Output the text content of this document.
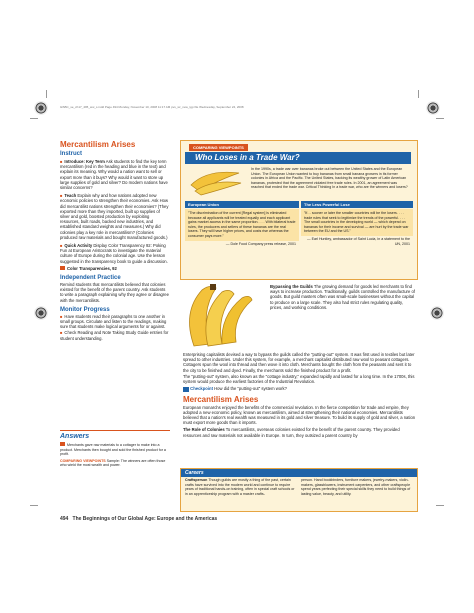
0/ABC_se_ch17_495_ww_s.indd Page 494 Monday, November 10, 2008 11:17 AM pvs_wr_new_tgp file Wednesday, September 24, 2008
Mercantilism Arises
Instruct
■ Introduce: Key Term Ask students to find the key term mercantilism (red in the heading and blue in the text) and explain its meaning. Why would a nation want to sell or export more than it buys? Why would it want to store up large supplies of gold and silver? Do modern nations have similar concerns?
■ Teach Explain why and how nations adopted new economic policies to strengthen their economies. Ask How did mercantilist nations strengthen their economies? (They exported more than they imported, built up supplies of silver and gold, boosted production by exploiting resources, built roads, backed new industries, and established standard weights and measures.) Why did colonies play a key role in mercantilism? (Colonies produced raw materials and bought manufactured goods.)
■ Quick Activity Display Color Transparency 92: Poking Fun at European Aristocrats to investigate the material culture of Europe during the colonial age. Use the lesson suggested in the transparency book to guide a discussion.
Color Transparencies, 92
Independent Practice
Remind students that mercantilists believed that colonies existed for the benefit of the parent country. Ask students to write a paragraph explaining why they agree or disagree with the mercantilists.
Monitor Progress
■ Have students read their paragraphs to one another in small groups. Circulate and listen to the readings, making sure that students make logical arguments for or against.
■ Check Reading and Note Taking Study Guide entries for student understanding.
Answers
Merchants gave raw materials to a cottager to make into a product. Merchants then bought and sold the finished product for a profit.
COMPARING VIEWPOINTS Sample: The winners are often those who wield the most wealth and power.
COMPARING VIEWPOINTS
Who Loses in a Trade War?
In the 1990s, a trade war over bananas broke out between the United States and the European Union. The European Union wanted to buy bananas from small banana growers in its former colonies in Africa and the Pacific. The United States, backing its wealthy grower of Latin American bananas, protested that the agreement violated free trade rules. In 2001, an agreement was reached that ended the trade war. Critical Thinking In a trade war, who are the winners and losers?
European Union
"The discrimination of the current [Regal system] is eliminated because all applicants will be treated equally and each applicant gains market access in the same proportion. . . . With bilateral trade rules, the producers and sellers of these bananas are the real losers. They will have higher prices, and costs rise whereas the consumer pays more."
— Dole Food Company press release, 2001
The Less Powerful Lose
"If… sooner or later the smaller countries will be the losers. . . . trade rules that seek to legitimize the trends of the powerful. . . . The small countries in the developing world — which depend on bananas for their income and survival — are hurt by the trade war between the EU and the US."
— Earl Huntley, ambassador of Saint Lucia, in a statement to the UN, 2001
Bypassing the Guilds The growing demand for goods led merchants to find ways to increase production. Traditionally, guilds controlled the manufacture of goods. But guild masters often was small-scale businesses without the capital to produce on a large scale. They also had strict rules regulating quality, prices, and working conditions.

Enterprising capitalists devised a way to bypass the guilds called the "putting-out" system. It was first used in textiles but later spread to other industries. Under this system, for example, a merchant capitalist distributed raw wool to peasant cottagers. Cottagers spun the wool into thread and then wove it into cloth. Merchants bought the cloth from the peasants and sent it to the city to be finished and dyed. Finally, the merchants sold the finished product for a profit.

The "putting-out" system, also known as the "cottage industry," expanded rapidly and lasted for a long time. In the 1700s, this system would produce the earliest factories of the Industrial Revolution.

Checkpoint How did the "putting-out" system work?
Mercantilism Arises

European monarchs enjoyed the benefits of the commercial revolution. In the fierce competition for trade and empire, they adopted a new economic policy, known as mercantilism, aimed at strengthening their national economies. Mercantilists believed that a nation's real wealth was measured in its gold and silver treasure. To build its supply of gold and silver, a nation must export more goods than it imports.

The Role of Colonies To mercantilists, overseas colonies existed for the benefit of the parent country. They provided resources and raw materials not available in Europe. In turn, they outsized a parent country by

Careers
Craftsperson Though guilds are mostly a thing of the past, certain crafts have survived into the modern world and continue to require years of traditional hands-on training, often in special craft schools or in an apprenticeship program with a master crafts-
person. Hand bookbinders, furniture makers, jewelry-makers, violin-makers, glassblowers, instrument carpenters, and other craftspeople spend years perfecting their special skills they need to build things of lasting value, beauty, and utility.
494 The Beginnings of Our Global Age: Europe and the Americas
